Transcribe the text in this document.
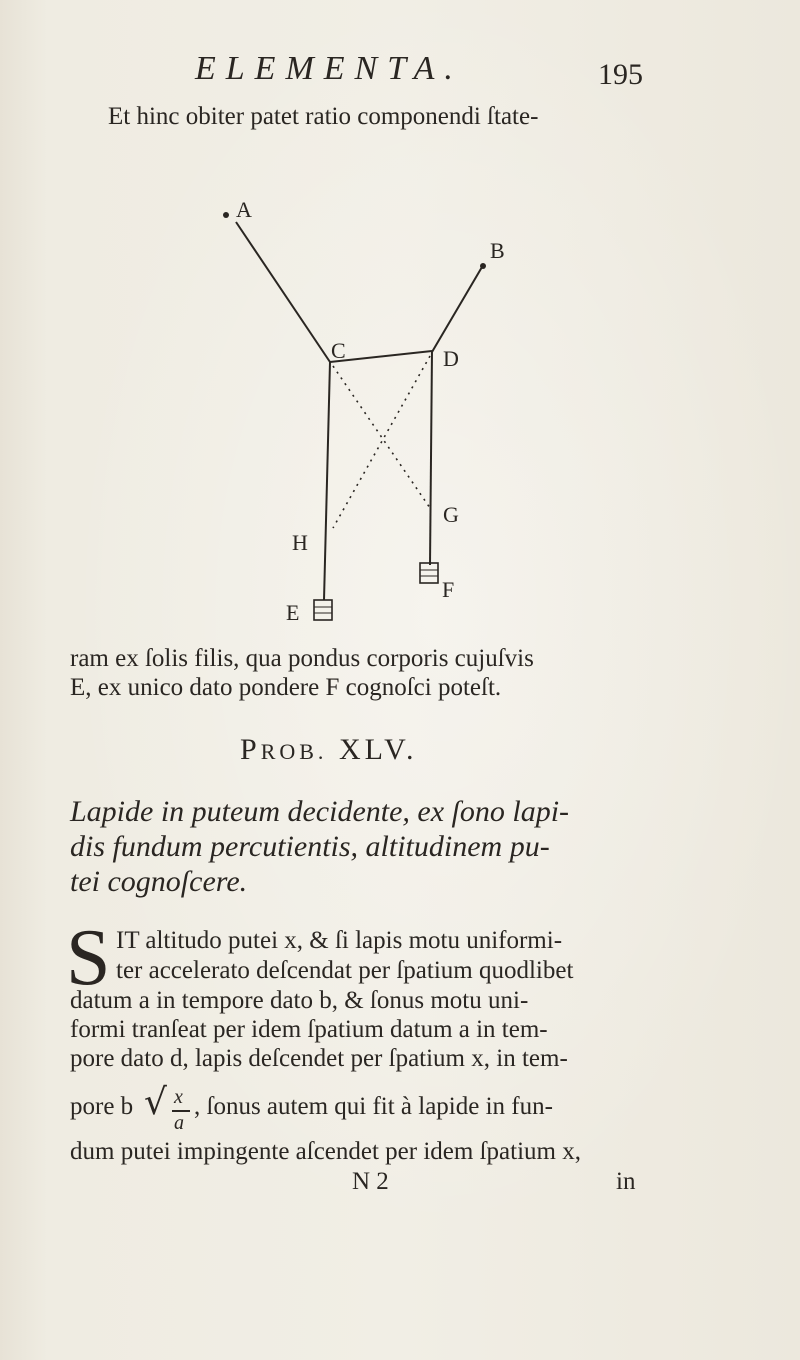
ELEMENTA.	195
Et hinc obiter patet ratio componendi ſtate-
A
B
C	D
G
H
E
F
ram ex ſolis filis, qua pondus corporis cujuſvis
E, ex unico dato pondere F cognoſci poteſt.
PROB. XLV.
Lapide in puteum decidente, ex ſono lapi-
dis fundum percutientis, altitudinem pu-
tei cognoſcere.
S IT altitudo putei x, & ſi lapis motu uniformi-
ter accelerato deſcendat per ſpatium quodlibet
datum a in tempore dato b, & ſonus motu uni-
formi tranſeat per idem ſpatium datum a in tem-
pore dato d, lapis deſcendet per ſpatium x, in tem-
pore b √ x
a
, ſonus autem qui fit à lapide in fun-
dum putei impingente aſcendet per idem ſpatium x,
N 2	in
